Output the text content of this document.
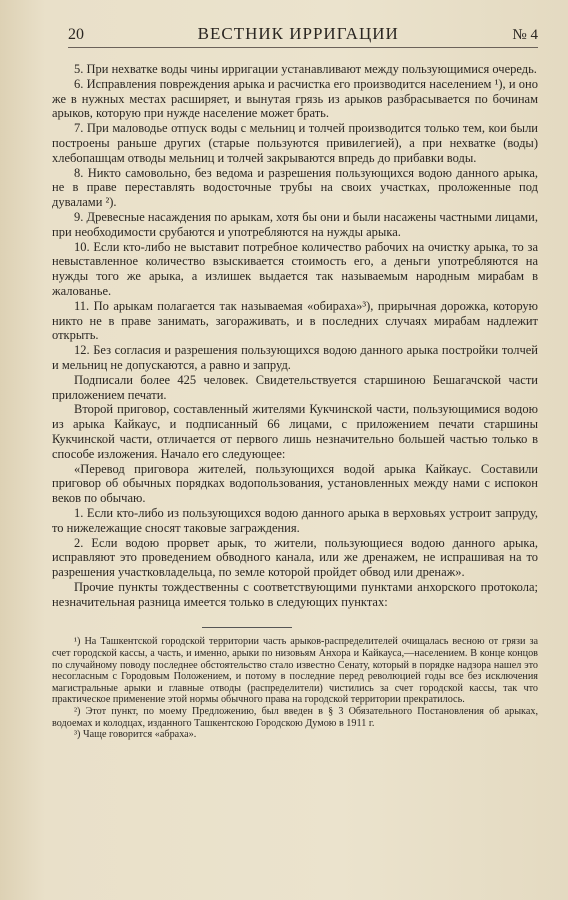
20	ВЕСТНИК ИРРИГАЦИИ	№ 4

5. При нехватке воды чины ирригации устанавливают между пользующимися очередь.

6. Исправления повреждения арыка и расчистка его производится населением ¹), и оно же в нужных местах расширяет, и вынутая грязь из арыков разбрасывается по бочинам арыков, которую при нужде население может брать.

7. При маловодье отпуск воды с мельниц и толчей производится только тем, кои были построены раньше других (старые пользуются привилегией), а при нехватке (воды) хлебопашцам отводы мельниц и толчей закрываются впредь до прибавки воды.

8. Никто самовольно, без ведома и разрешения пользующихся водою данного арыка, не в праве переставлять водосточные трубы на своих участках, проложенные под дувалами ²).

9. Древесные насаждения по арыкам, хотя бы они и были насажены частными лицами, при необходимости срубаются и употребляются на нужды арыка.

10. Если кто-либо не выставит потребное количество рабочих на очистку арыка, то за невыставленное количество взыскивается стоимость его, а деньги употребляются на нужды того же арыка, а излишек выдается так называемым народным мирабам в жалованье.

11. По арыкам полагается так называемая «обираха»³), прирычная дорожка, которую никто не в праве занимать, загораживать, и в последних случаях мирабам надлежит открыть.

12. Без согласия и разрешения пользующихся водою данного арыка постройки толчей и мельниц не допускаются, а равно и запруд.

Подписали более 425 человек. Свидетельствуется старшиною Бешагачской части приложением печати.

Второй приговор, составленный жителями Кукчинской части, пользующимися водою из арыка Кайкаус, и подписанный 66 лицами, с приложением печати старшины Кукчинской части, отличается от первого лишь незначительно большей частью только в способе изложения. Начало его следующее:

«Перевод приговора жителей, пользующихся водой арыка Кайкаус. Составили приговор об обычных порядках водопользования, установленных между нами с испокон веков по обычаю.

1. Если кто-либо из пользующихся водою данного арыка в верховьях устроит запруду, то нижележащие сносят таковые заграждения.

2. Если водою прорвет арык, то жители, пользующиеся водою данного арыка, исправляют это проведением обводного канала, или же дренажем, не испрашивая на то разрешения участковладельца, по земле которой пройдет обвод или дренаж».

Прочие пункты тождественны с соответствующими пунктами анхорского протокола; незначительная разница имеется только в следующих пунктах:

¹) На Ташкентской городской территории часть арыков-распределителей очищалась весною от грязи за счет городской кассы, а часть, и именно, арыки по низовьям Анхора и Кайкауса,—населением. В конце концов по случайному поводу последнее обстоятельство стало известно Сенату, который в порядке надзора нашел это несогласным с Городовым Положением, и потому в последние перед революцией годы все без исключения магистральные арыки и главные отводы (распределители) чистились за счет городской кассы, так что практическое применение этой нормы обычного права на городской территории прекратилось.

²) Этот пункт, по моему Предложению, был введен в § 3 Обязательного Постановления об арыках, водоемах и колодцах, изданного Ташкентскою Городскою Думою в 1911 г.

³) Чаще говорится «абраха».
